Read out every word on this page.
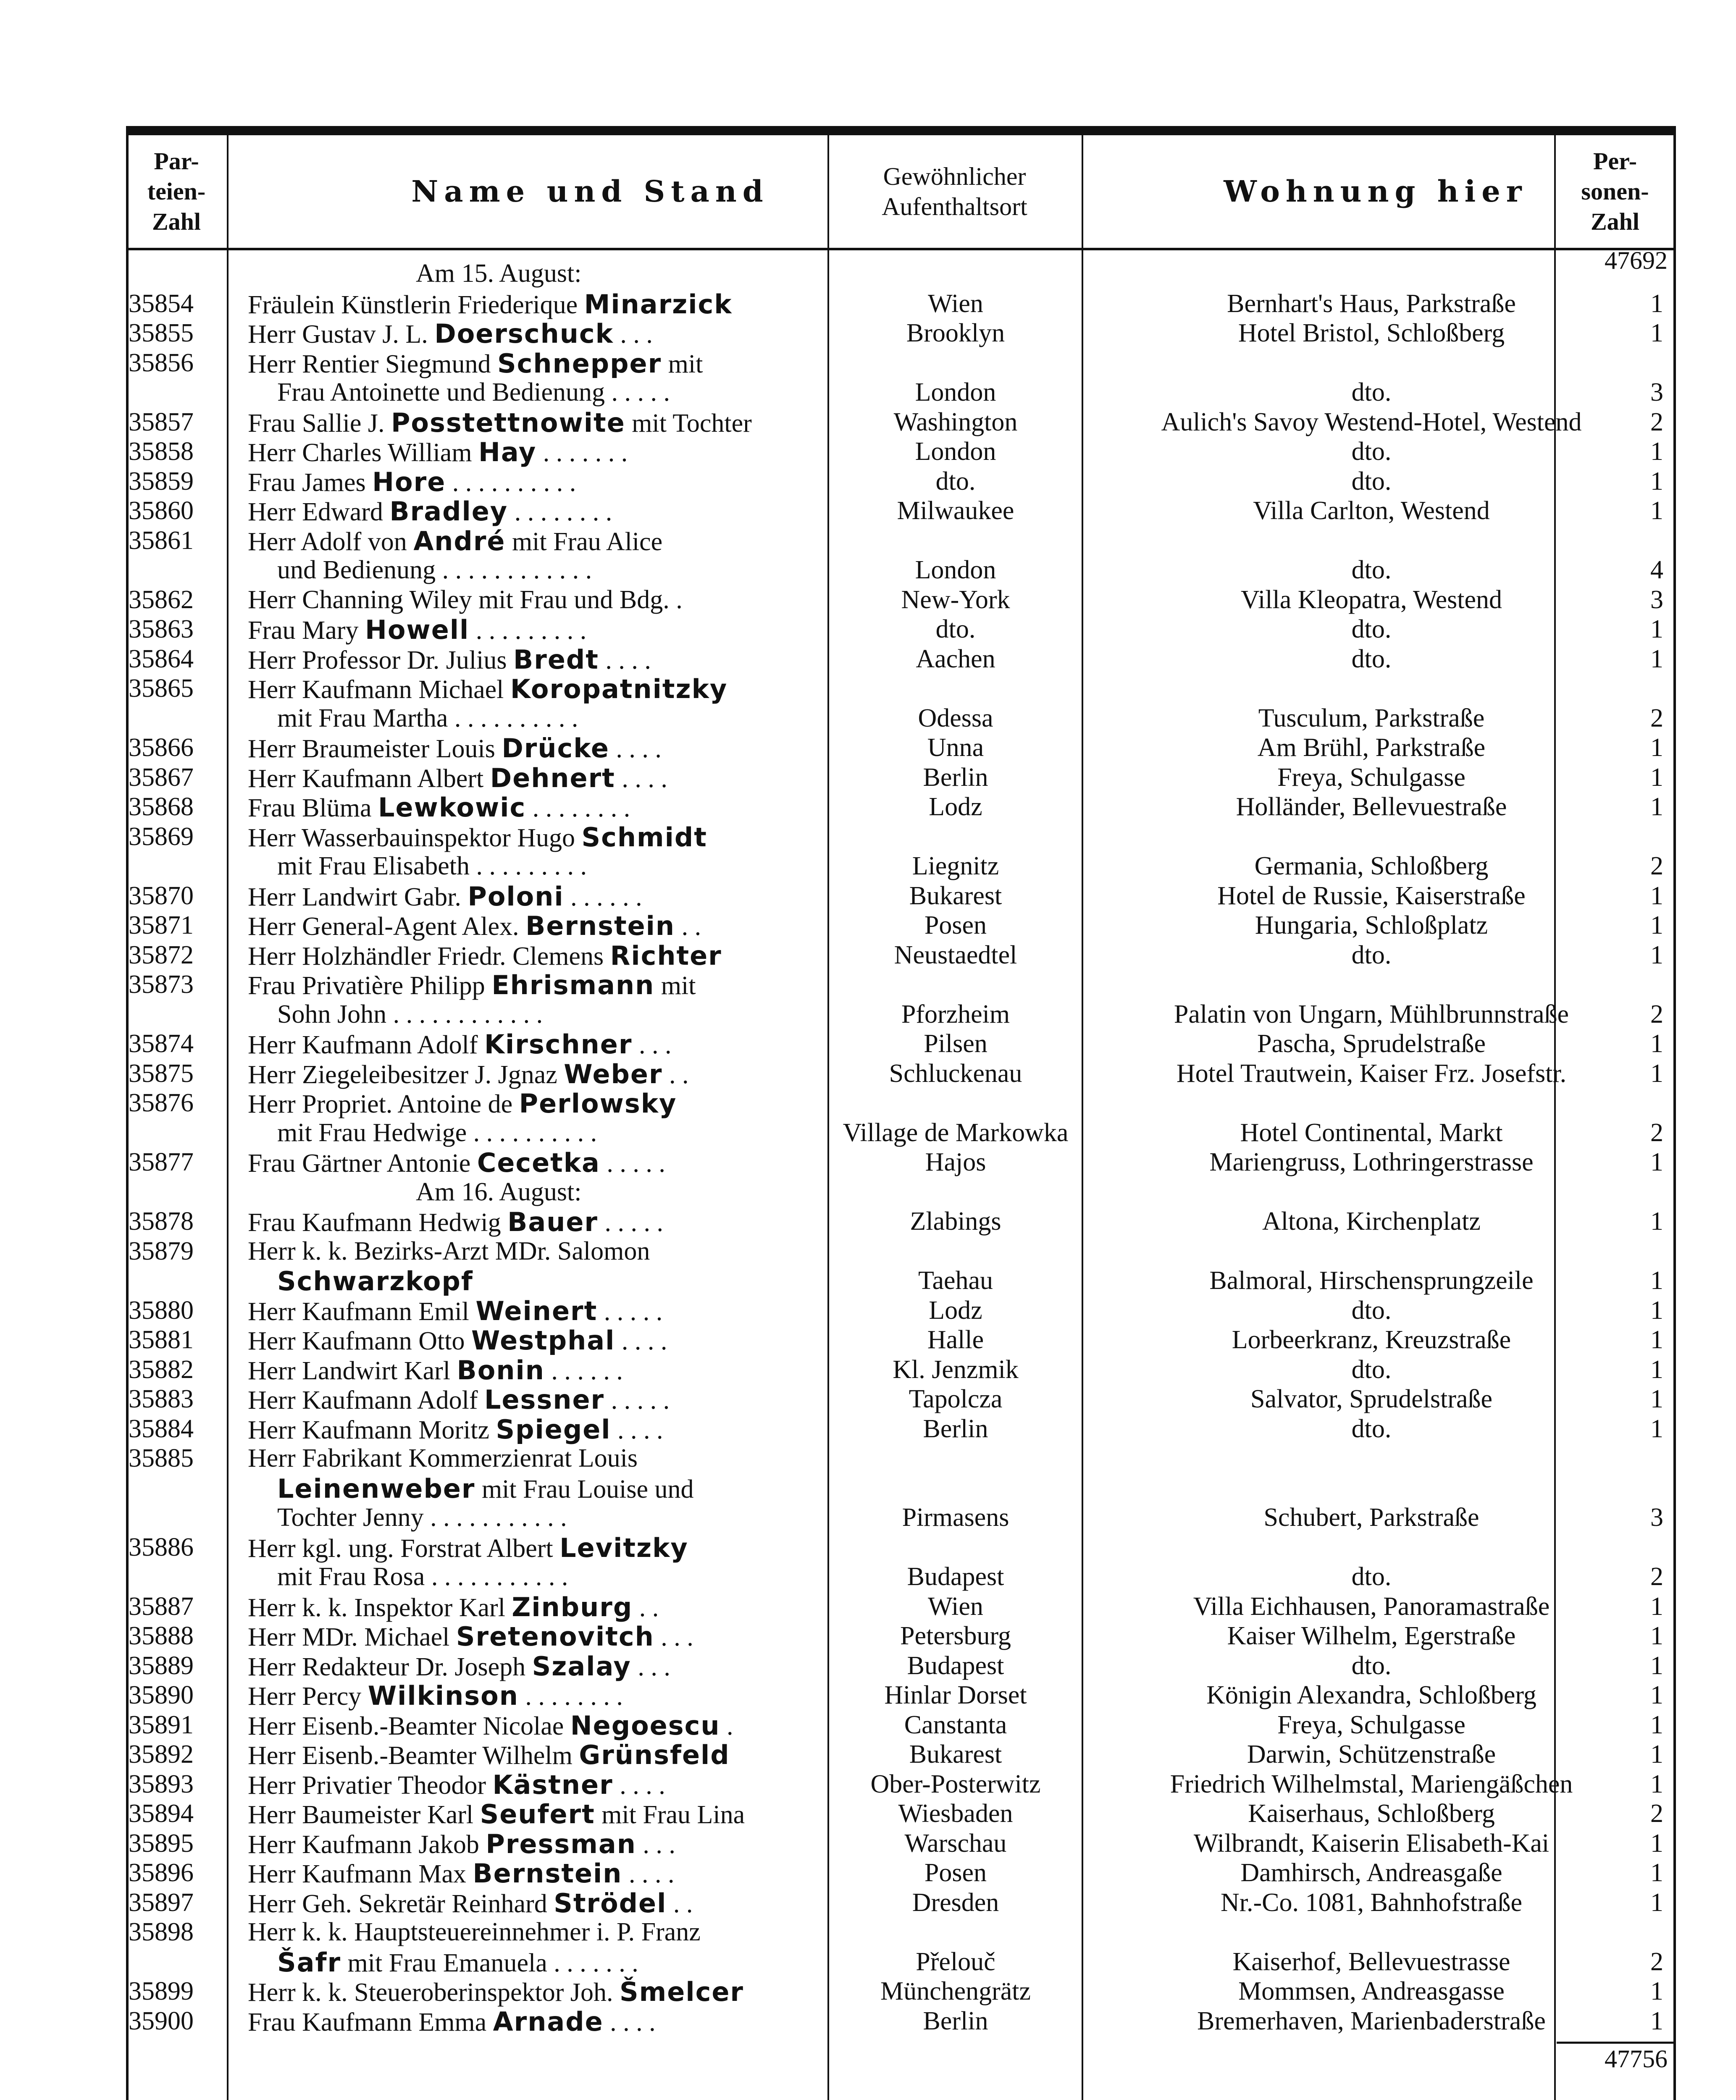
Par-
teien-
Zahl
Name und Stand	Gewöhnlicher
Aufenthaltsort	Wohnung hier
Per-
sonen-
Zahl
Am 15. August:	47692
35854 Fräulein Künstlerin Friederique Minarzick	Wien	Bernhart's Haus, Parkstraße	1
35855 Herr Gustav J. L. Doerschuck . . .	Brooklyn	Hotel Bristol, Schloßberg	1
35856 Herr Rentier Siegmund Schnepper mit
Frau Antoinette und Bedienung . . . . .	London	dto.	3
35857 Frau Sallie J. Posstettnowite mit Tochter	Washington	Aulich's Savoy Westend-Hotel, Westend	2
35858 Herr Charles William Hay . . . . . . .	London	dto.	1
35859 Frau James Hore . . . . . . . . . .	dto.	dto.	1
35860 Herr Edward Bradley . . . . . . . .	Milwaukee	Villa Carlton, Westend	1
35861 Herr Adolf von André mit Frau Alice
und Bedienung . . . . . . . . . . . .	London	dto.	4
35862 Herr Channing Wiley mit Frau und Bdg. .	New-York	Villa Kleopatra, Westend	3
35863 Frau Mary Howell . . . . . . . . .	dto.	dto.	1
35864 Herr Professor Dr. Julius Bredt . . . .	Aachen	dto.	1
35865 Herr Kaufmann Michael Koropatnitzky
mit Frau Martha . . . . . . . . . .	Odessa	Tusculum, Parkstraße	2
35866 Herr Braumeister Louis Drücke . . . .	Unna	Am Brühl, Parkstraße	1
35867 Herr Kaufmann Albert Dehnert . . . .	Berlin	Freya, Schulgasse	1
35868 Frau Blüma Lewkowic . . . . . . . .	Lodz	Holländer, Bellevuestraße	1
35869 Herr Wasserbauinspektor Hugo Schmidt
mit Frau Elisabeth . . . . . . . . .	Liegnitz	Germania, Schloßberg	2
35870 Herr Landwirt Gabr. Poloni . . . . . .	Bukarest	Hotel de Russie, Kaiserstraße	1
35871 Herr General-Agent Alex. Bernstein . .	Posen	Hungaria, Schloßplatz	1
35872 Herr Holzhändler Friedr. Clemens Richter	Neustaedtel	dto.	1
35873 Frau Privatière Philipp Ehrismann mit
Sohn John . . . . . . . . . . . .	Pforzheim	Palatin von Ungarn, Mühlbrunnstraße	2
35874 Herr Kaufmann Adolf Kirschner . . .	Pilsen	Pascha, Sprudelstraße	1
35875 Herr Ziegeleibesitzer J. Jgnaz Weber . .	Schluckenau	Hotel Trautwein, Kaiser Frz. Josefstr.	1
35876 Herr Propriet. Antoine de Perlowsky
mit Frau Hedwige . . . . . . . . . .	Village de Markowka	Hotel Continental, Markt	2
35877 Frau Gärtner Antonie Cecetka . . . . .	Hajos	Mariengruss, Lothringerstrasse	1
Am 16. August:
35878 Frau Kaufmann Hedwig Bauer . . . . .	Zlabings	Altona, Kirchenplatz	1
35879 Herr k. k. Bezirks-Arzt MDr. Salomon
Schwarzkopf	Taehau	Balmoral, Hirschensprungzeile	1
35880 Herr Kaufmann Emil Weinert . . . . .	Lodz	dto.	1
35881 Herr Kaufmann Otto Westphal . . . .	Halle	Lorbeerkranz, Kreuzstraße	1
35882 Herr Landwirt Karl Bonin . . . . . .	Kl. Jenzmik	dto.	1
35883 Herr Kaufmann Adolf Lessner . . . . .	Tapolcza	Salvator, Sprudelstraße	1
35884 Herr Kaufmann Moritz Spiegel . . . .	Berlin	dto.	1
35885 Herr Fabrikant Kommerzienrat Louis
Leinenweber mit Frau Louise und
Tochter Jenny . . . . . . . . . . .	Pirmasens	Schubert, Parkstraße	3
35886 Herr kgl. ung. Forstrat Albert Levitzky
mit Frau Rosa . . . . . . . . . . .	Budapest	dto.	2
35887 Herr k. k. Inspektor Karl Zinburg . .	Wien	Villa Eichhausen, Panoramastraße	1
35888 Herr MDr. Michael Sretenovitch . . .	Petersburg	Kaiser Wilhelm, Egerstraße	1
35889 Herr Redakteur Dr. Joseph Szalay . . .	Budapest	dto.	1
35890 Herr Percy Wilkinson . . . . . . . .	Hinlar Dorset	Königin Alexandra, Schloßberg	1
35891 Herr Eisenb.-Beamter Nicolae Negoescu .	Canstanta	Freya, Schulgasse	1
35892 Herr Eisenb.-Beamter Wilhelm Grünsfeld	Bukarest	Darwin, Schützenstraße	1
35893 Herr Privatier Theodor Kästner . . . .	Ober-Posterwitz	Friedrich Wilhelmstal, Mariengäßchen	1
35894 Herr Baumeister Karl Seufert mit Frau Lina	Wiesbaden	Kaiserhaus, Schloßberg	2
35895 Herr Kaufmann Jakob Pressman . . .	Warschau	Wilbrandt, Kaiserin Elisabeth-Kai	1
35896 Herr Kaufmann Max Bernstein . . . .	Posen	Damhirsch, Andreasgaße	1
35897 Herr Geh. Sekretär Reinhard Strödel . .	Dresden	Nr.-Co. 1081, Bahnhofstraße	1
35898 Herr k. k. Hauptsteuereinnehmer i. P. Franz
Šafr mit Frau Emanuela . . . . . . .	Přelouč	Kaiserhof, Bellevuestrasse	2
35899 Herr k. k. Steueroberinspektor Joh. Šmelcer	Münchengrätz	Mommsen, Andreasgasse	1
35900 Frau Kaufmann Emma Arnade . . . .	Berlin	Bremerhaven, Marienbaderstraße	1
47756
